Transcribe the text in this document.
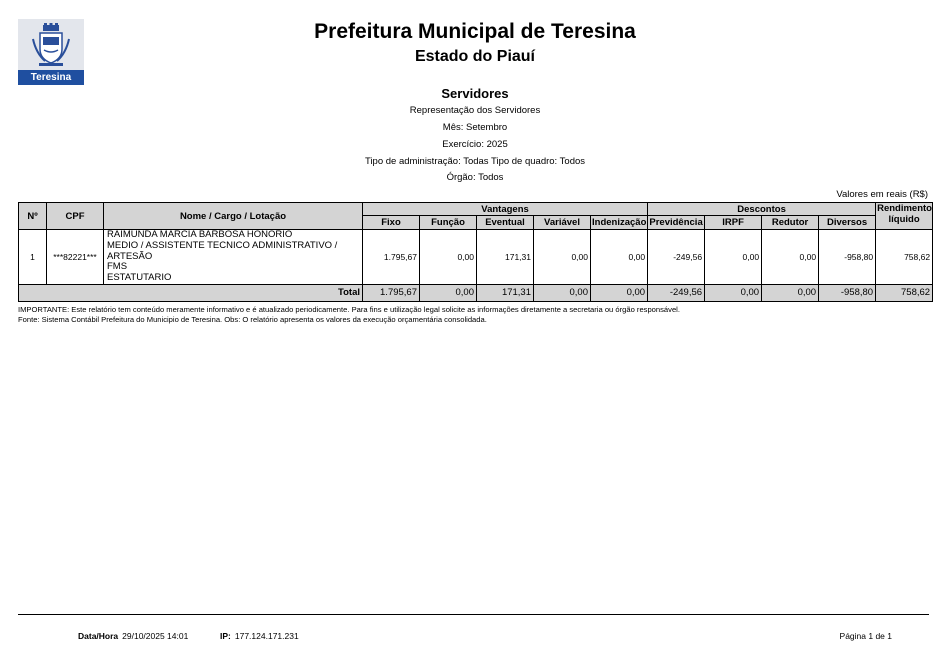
Teresina
Prefeitura Municipal de Teresina
Estado do Piauí
Servidores
Representação dos Servidores
Mês: Setembro
Exercício: 2025
Tipo de administração: Todas Tipo de quadro: Todos
Órgão: Todos
Valores em reais (R$)
Nº	CPF	Nome / Cargo / Lotação	Vantagens					Descontos				Rendimento líquido
			Fixo	Função	Eventual	Variável	Indenização	Previdência	IRPF	Redutor	Diversos	
1	***82221***	RAIMUNDA MARCIA BARBOSA HONORIO
MEDIO / ASSISTENTE TECNICO ADMINISTRATIVO / ARTESÃO
FMS
ESTATUTARIO	1.795,67	0,00	171,31	0,00	0,00	-249,56	0,00	0,00	-958,80	758,62
Total			1.795,67	0,00	171,31	0,00	0,00	-249,56	0,00	0,00	-958,80	758,62
IMPORTANTE: Este relatório tem conteúdo meramente informativo e é atualizado periodicamente. Para fins e utilização legal solicite as informações diretamente a secretaria ou órgão responsável.
Fonte: Sistema Contábil Prefeitura do Municipio de Teresina. Obs: O relatório apresenta os valores da execução orçamentária consolidada.
Data/Hora 29/10/2025 14:01	IP: 177.124.171.231	Página 1 de 1
